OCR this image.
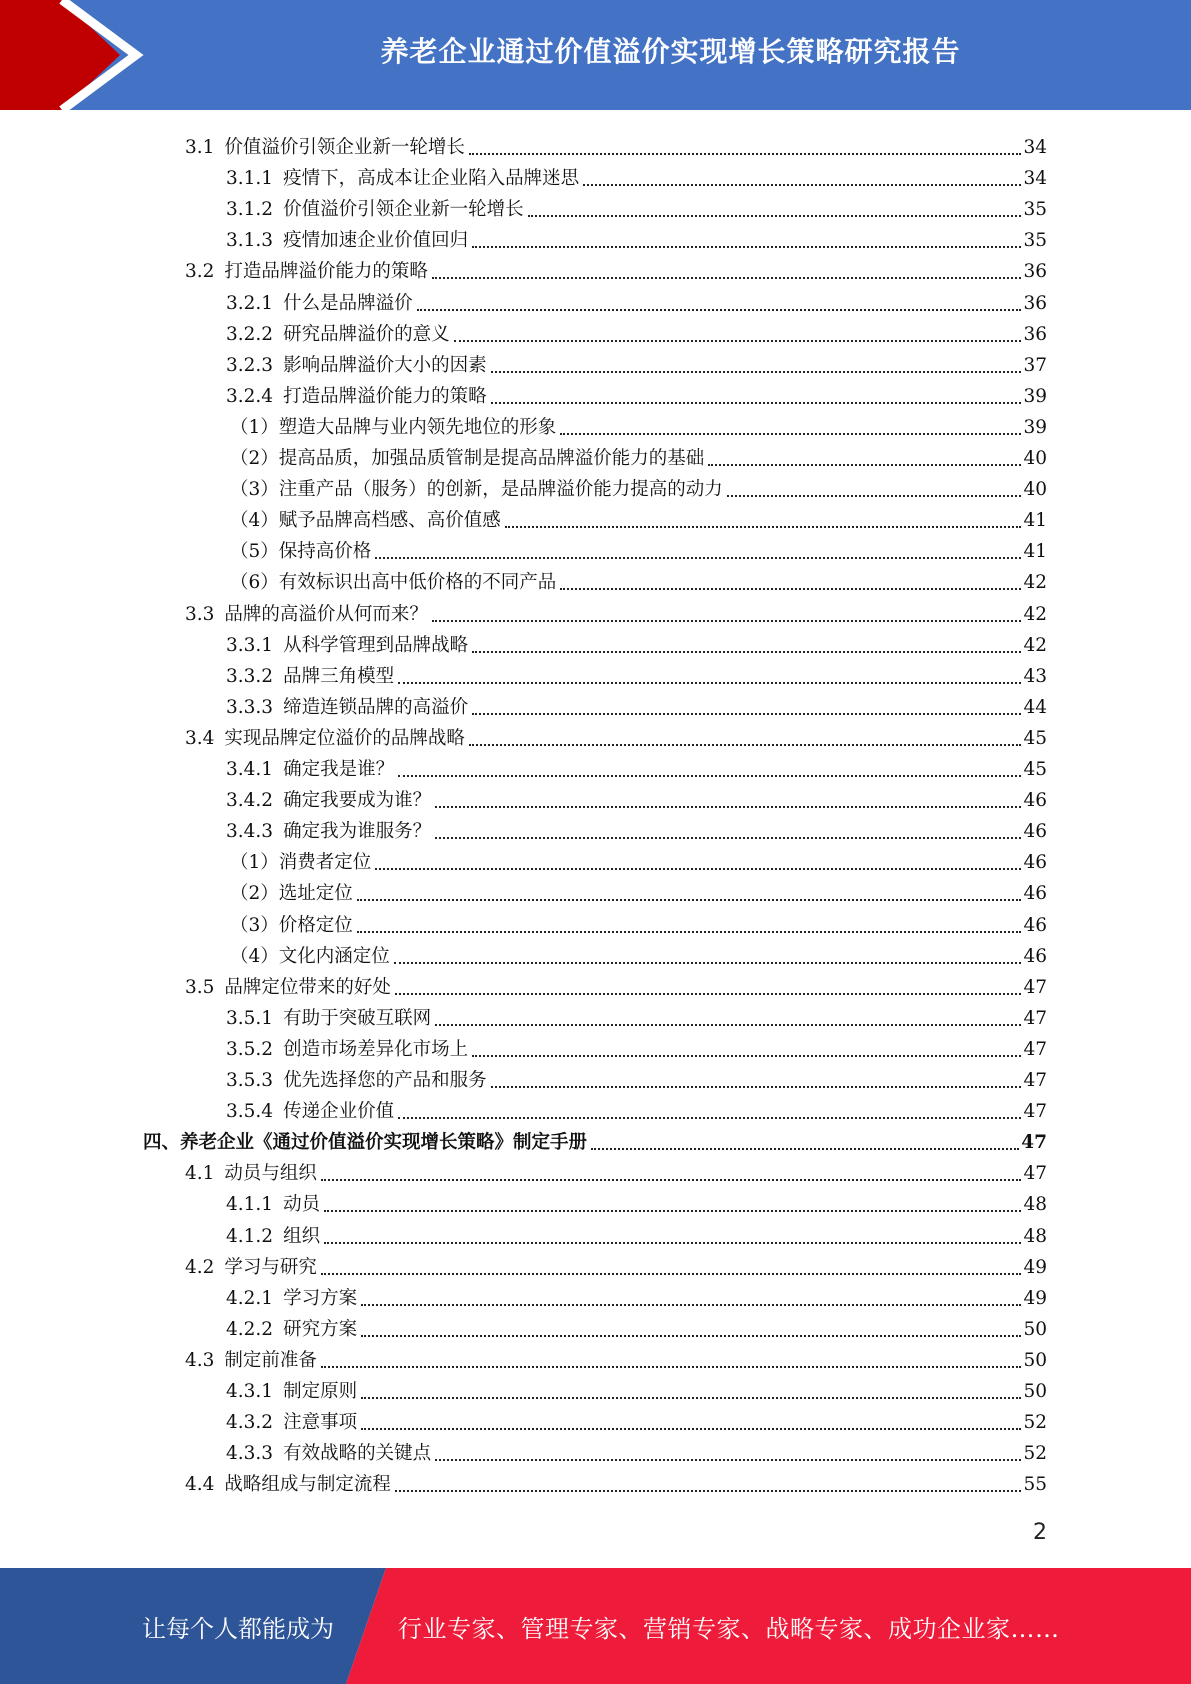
养老企业通过价值溢价实现增长策略研究报告
3.1 价值溢价引领企业新一轮增长	34
3.1.1 疫情下，高成本让企业陷入品牌迷思	34
3.1.2 价值溢价引领企业新一轮增长	35
3.1.3 疫情加速企业价值回归	35
3.2 打造品牌溢价能力的策略	36
3.2.1 什么是品牌溢价	36
3.2.2 研究品牌溢价的意义	36
3.2.3 影响品牌溢价大小的因素	37
3.2.4 打造品牌溢价能力的策略	39
（1） 塑造大品牌与业内领先地位的形象	39
（2） 提高品质，加强品质管制是提高品牌溢价能力的基础	40
（3） 注重产品（服务）的创新，是品牌溢价能力提高的动力	40
（4） 赋予品牌高档感、高价值感	41
（5） 保持高价格	41
（6） 有效标识出高中低价格的不同产品	42
3.3 品牌的高溢价从何而来？	42
3.3.1 从科学管理到品牌战略	42
3.3.2 品牌三角模型	43
3.3.3 缔造连锁品牌的高溢价	44
3.4 实现品牌定位溢价的品牌战略	45
3.4.1 确定我是谁？	45
3.4.2 确定我要成为谁？	46
3.4.3 确定我为谁服务？	46
（1） 消费者定位	46
（2） 选址定位	46
（3） 价格定位	46
（4） 文化内涵定位	46
3.5 品牌定位带来的好处	47
3.5.1 有助于突破互联网	47
3.5.2 创造市场差异化市场上	47
3.5.3 优先选择您的产品和服务	47
3.5.4 传递企业价值	47
四、 养老企业《通过价值溢价实现增长策略》制定手册	47
4.1 动员与组织	47
4.1.1 动员	48
4.1.2 组织	48
4.2 学习与研究	49
4.2.1 学习方案	49
4.2.2 研究方案	50
4.3 制定前准备	50
4.3.1 制定原则	50
4.3.2 注意事项	52
4.3.3 有效战略的关键点	52
4.4 战略组成与制定流程	55
2
让每个人都能成为	行业专家、管理专家、营销专家、战略专家、成功企业家……
